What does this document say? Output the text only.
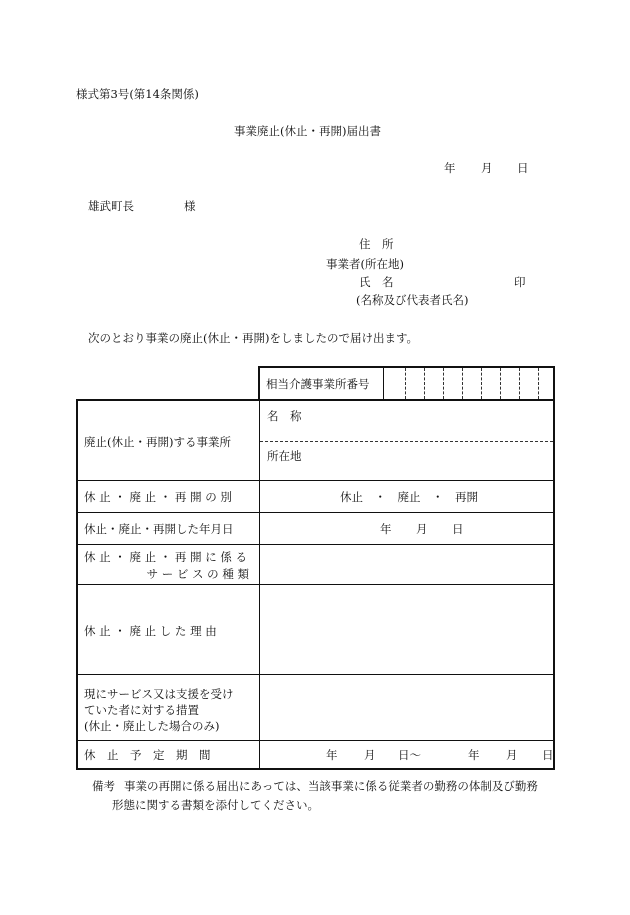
様式第3号(第14条関係)
事業廃止(休止・再開)届出書
年 月 日
雄武町長	様
住　所
事業者(所在地)
氏　名	印
(名称及び代表者氏名)
次のとおり事業の廃止(休止・再開)をしましたので届け出ます。
相当介護事業所番号
廃止(休止・再開)する事業所
名　称
所在地
休 止 ・ 廃 止 ・ 再 開 の 別	休止　・　廃止　・　再開
休止・廃止・再開した年月日	年 月 日
休 止 ・ 廃 止 ・ 再 開 に 係 る
サ ー ビ ス の 種 類
休 止 ・ 廃 止 し た 理 由
現にサービス又は支援を受け
ていた者に対する措置
(休止・廃止した場合のみ)
休　止　予　定　期　間	年 月 日〜	年 月 日
備考 事業の再開に係る届出にあっては、当該事業に係る従業者の勤務の体制及び勤務
形態に関する書類を添付してください。
